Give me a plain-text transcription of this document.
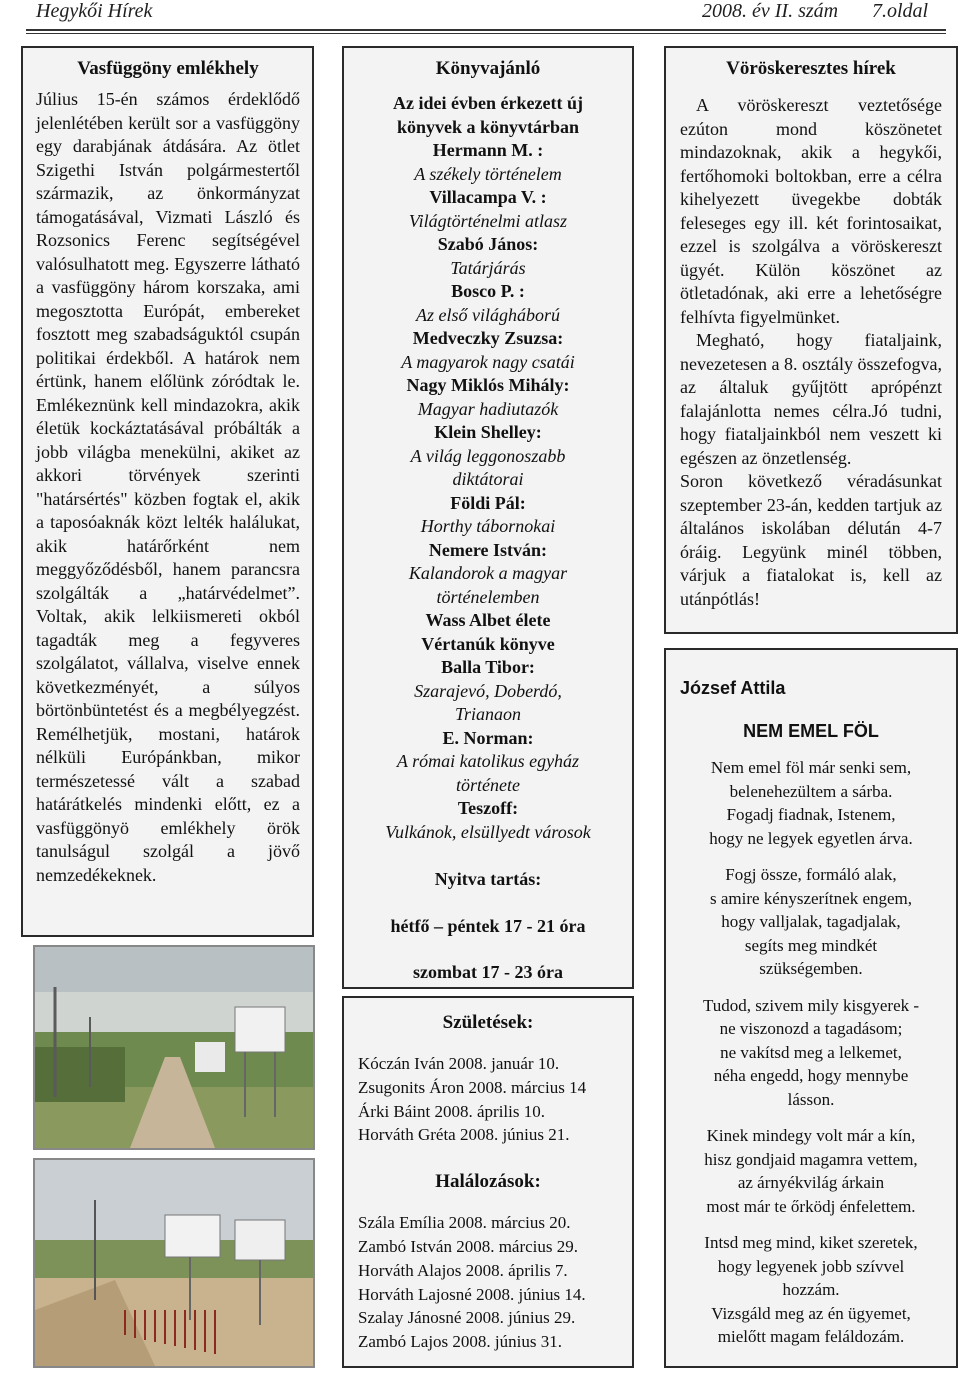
Hegykői Hírek	2008. év II. szám 7.oldal
Vasfüggöny emlékhely
Július 15-én számos érdeklődő jelenlétében került sor a vasfüggöny egy darabjának átdására. Az ötlet Szigethi István polgármestertől származik, az önkormányzat támogatásával, Vizmati László és Rozsonics Ferenc segítségével valósulhatott meg. Egyszerre látható a vasfüggöny három korszaka, ami megosztotta Európát, embereket fosztott meg szabadságuktól csupán politikai érdekből. A határok nem értünk, hanem előlünk zóródtak le. Emlékeznünk kell mindazokra, akik életük kockáztatásával próbálták a jobb világba menekülni, akiket az akkori törvények szerinti "határsértés" közben fogtak el, akik a taposóaknák közt lelték halálukat, akik határőrként nem meggyőződésből, hanem parancsra szolgálták a „határvédelmet”. Voltak, akik lelkiismereti okból tagadták meg a fegyveres szolgálatot, vállalva, viselve ennek következményét, a súlyos börtönbüntetést és a megbélyegzést. Remélhetjük, mostani, határok nélküli Európánkban, mikor természetessé vált a szabad határátkelés mindenki előtt, ez a vasfüggönyö emlékhely örök tanulságul szolgál a jövő nemzedékeknek.
Könyvajánló
Az idei évben érkezett új könyvek a könyvtárban
Hermann M. :
A székely történelem
Villacampa V. :
Világtörténelmi atlasz
Szabó János:
Tatárjárás
Bosco P. :
Az első világháború
Medveczky Zsuzsa:
A magyarok nagy csatái
Nagy Miklós Mihály:
Magyar hadiutazók
Klein Shelley:
A világ leggonoszabb diktátorai
Földi Pál:
Horthy tábornokai
Nemere István:
Kalandorok a magyar történelemben
Wass Albet élete
Vértanúk könyve
Balla Tibor:
Szarajevó, Doberdó, Trianaon
E. Norman:
A római katolikus egyház története
Teszoff:
Vulkánok, elsüllyedt városok
Nyitva tartás:
hétfő – péntek 17 - 21 óra
szombat 17 - 23 óra
Születések:
Kóczán Iván 2008. január 10.
Zsugonits Áron 2008. március 14
Árki Báint 2008. április 10.
Horváth Gréta 2008. június 21.
Halálozások:
Szála Emília 2008. március 20.
Zambó István 2008. március 29.
Horváth Alajos 2008. április 7.
Horváth Lajosné 2008. június 14.
Szalay Jánosné 2008. június 29.
Zambó Lajos 2008. június 31.
Vöröskeresztes hírek
A vöröskereszt veztetősége ezúton mond köszönetet mindazoknak, akik a hegykői, fertőhomoki boltokban, erre a célra kihelyezett üvegekbe dobták feleseges egy ill. két forintosaikat, ezzel is szolgálva a vöröskereszt ügyét. Külön köszönet az ötletadónak, aki erre a lehetőségre felhívta figyelmünket.
Megható, hogy fiataljaink, nevezetesen a 8. osztály összefogva, az általuk gyűjtött aprópénzt falajánlotta nemes célra.Jó tudni, hogy fiataljainkból nem veszett ki egészen az önzetlenség.
Soron következő véradásunkat szeptember 23-án, kedden tartjuk az általános iskolában délután 4-7 óráig. Legyünk minél többen, várjuk a fiatalokat is, kell az utánpótlás!
József Attila
NEM EMEL FÖL
Nem emel föl már senki sem,
belenehezültem a sárba.
Fogadj fiadnak, Istenem,
hogy ne legyek egyetlen árva.
Fogj össze, formáló alak,
s amire kényszerítnek engem,
hogy valljalak, tagadjalak,
segíts meg mindkét
szükségemben.
Tudod, szivem mily kisgyerek -
ne viszonozd a tagadásom;
ne vakítsd meg a lelkemet,
néha engedd, hogy mennybe
lásson.
Kinek mindegy volt már a kín,
hisz gondjaid magamra vettem,
az árnyékvilág árkain
most már te őrködj énfelettem.
Intsd meg mind, kiket szeretek,
hogy legyenek jobb szívvel
hozzám.
Vizsgáld meg az én ügyemet,
mielőtt magam feláldozám.
